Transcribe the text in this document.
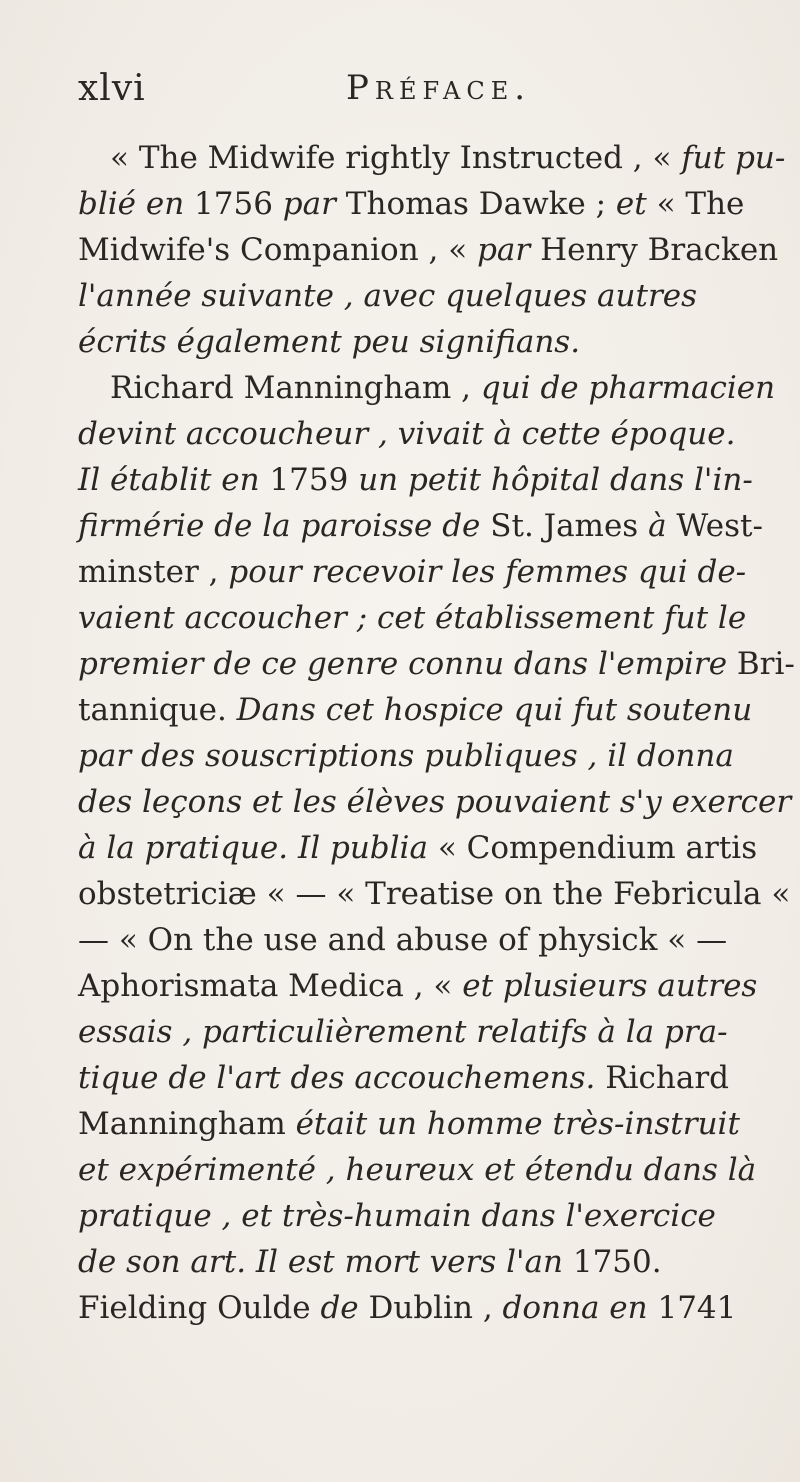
xlvi	Préface.
« The Midwife rightly Instructed , « fut pu-
blié en 1756 par Thomas Dawke ; et « The
Midwife's Companion , « par Henry Bracken
l'année suivante , avec quelques autres
écrits également peu signifians.
Richard Manningham , qui de pharmacien
devint accoucheur , vivait à cette époque.
Il établit en 1759 un petit hôpital dans l'in-
firmérie de la paroisse de St. James à West-
minster , pour recevoir les femmes qui de-
vaient accoucher ; cet établissement fut le
premier de ce genre connu dans l'empire Bri-
tannique. Dans cet hospice qui fut soutenu
par des souscriptions publiques , il donna
des leçons et les élèves pouvaient s'y exercer
à la pratique. Il publia « Compendium artis
obstetriciæ « — « Treatise on the Febricula «
— « On the use and abuse of physick « —
Aphorismata Medica , « et plusieurs autres
essais , particulièrement relatifs à la pra-
tique de l'art des accouchemens. Richard
Manningham était un homme très-instruit
et expérimenté , heureux et étendu dans là
pratique , et très-humain dans l'exercice
de son art. Il est mort vers l'an 1750.
Fielding Oulde de Dublin , donna en 1741
